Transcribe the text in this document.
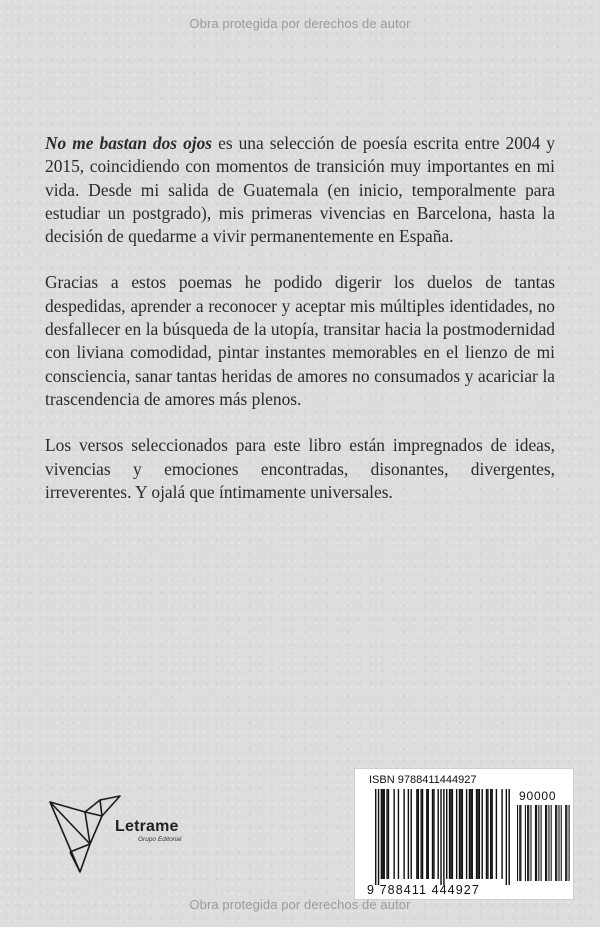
Obra protegida por derechos de autor

No me bastan dos ojos es una selección de poesía escrita entre 2004 y 2015, coincidiendo con momentos de transición muy importantes en mi vida. Desde mi salida de Guatemala (en inicio, temporalmente para estudiar un postgrado), mis primeras vivencias en Barcelona, hasta la decisión de quedarme a vivir permanentemente en España.

Gracias a estos poemas he podido digerir los duelos de tantas despedidas, aprender a reconocer y aceptar mis múltiples identidades, no desfallecer en la búsqueda de la utopía, transitar hacia la postmodernidad con liviana comodidad, pintar instantes memorables en el lienzo de mi consciencia, sanar tantas heridas de amores no consumados y acariciar la trascendencia de amores más plenos.

Los versos seleccionados para este libro están impregnados de ideas, vivencias y emociones encontradas, disonantes, divergentes, irreverentes. Y ojalá que íntimamente universales.

Letrame
Grupo Editorial
ISBN 9788411444927
9 788411 444927
90000
Obra protegida por derechos de autor
